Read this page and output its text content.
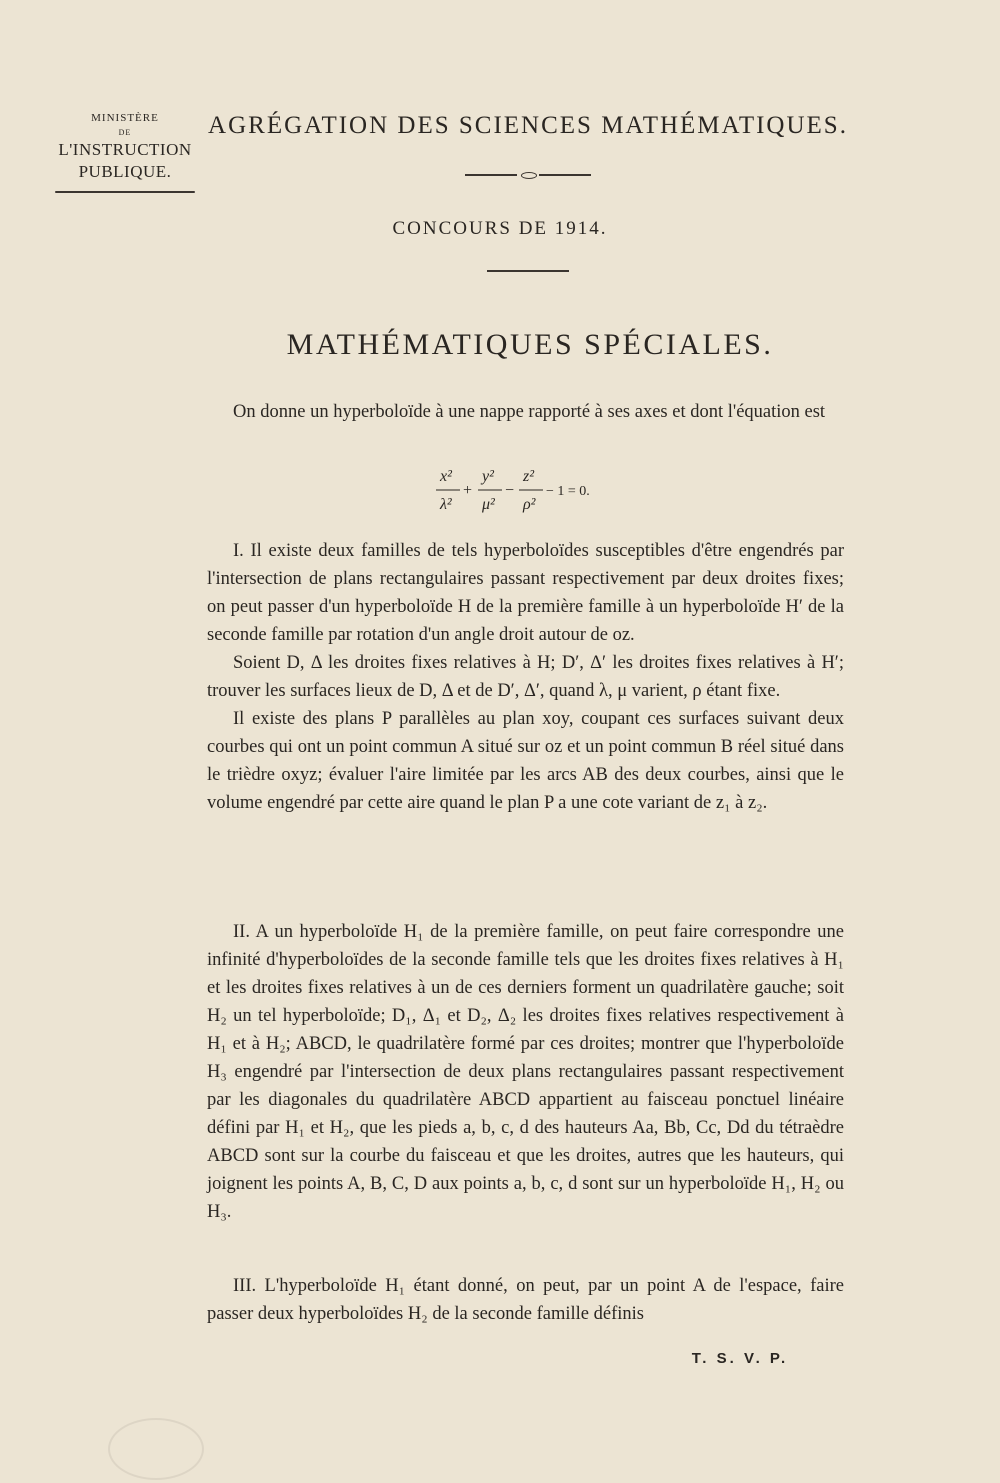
MINISTÈRE
DE
L'INSTRUCTION
PUBLIQUE.
AGRÉGATION DES SCIENCES MATHÉMATIQUES.
CONCOURS DE 1914.
MATHÉMATIQUES SPÉCIALES.

On donne un hyperboloïde à une nappe rapporté à ses axes et dont l'équation est

x²
λ²
+
y²
μ²
−
z²
ρ²
− 1 = 0.

I. Il existe deux familles de tels hyperboloïdes susceptibles d'être engendrés par l'intersection de plans rectangulaires passant respectivement par deux droites fixes; on peut passer d'un hyperboloïde H de la première famille à un hyperboloïde H′ de la seconde famille par rotation d'un angle droit autour de oz.

Soient D, Δ les droites fixes relatives à H; D′, Δ′ les droites fixes relatives à H′; trouver les surfaces lieux de D, Δ et de D′, Δ′, quand λ, μ varient, ρ étant fixe.

Il existe des plans P parallèles au plan xoy, coupant ces surfaces suivant deux courbes qui ont un point commun A situé sur oz et un point commun B réel situé dans le trièdre oxyz; évaluer l'aire limitée par les arcs AB des deux courbes, ainsi que le volume engendré par cette aire quand le plan P a une cote variant de z₁ à z₂.

II. A un hyperboloïde H₁ de la première famille, on peut faire correspondre une infinité d'hyperboloïdes de la seconde famille tels que les droites fixes relatives à H₁ et les droites fixes relatives à un de ces derniers forment un quadrilatère gauche; soit H₂ un tel hyperboloïde; D₁, Δ₁ et D₂, Δ₂ les droites fixes relatives respectivement à H₁ et à H₂; ABCD, le quadrilatère formé par ces droites; montrer que l'hyperboloïde H₃ engendré par l'intersection de deux plans rectangulaires passant respectivement par les diagonales du quadrilatère ABCD appartient au faisceau ponctuel linéaire défini par H₁ et H₂, que les pieds a, b, c, d des hauteurs Aa, Bb, Cc, Dd du tétraèdre ABCD sont sur la courbe du faisceau et que les droites, autres que les hauteurs, qui joignent les points A, B, C, D aux points a, b, c, d sont sur un hyperboloïde H₁, H₂ ou H₃.

III. L'hyperboloïde H₁ étant donné, on peut, par un point A de l'espace, faire passer deux hyperboloïdes H₂ de la seconde famille définis

T. S. V. P.
